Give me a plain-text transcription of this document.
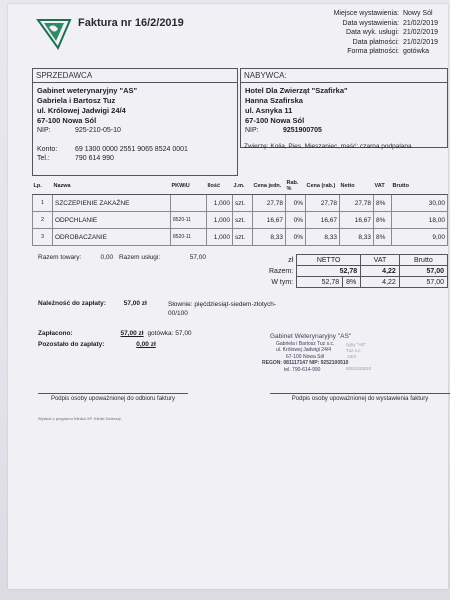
Faktura nr 16/2/2019
Miejsce wystawienia:	Nowy Sól
Data wystawienia:	21/02/2019
Data wyk. usługi:	21/02/2019
Data płatności:	21/02/2019
Forma płatności:	gotówka
SPRZEDAWCA
Gabinet weterynaryjny "AS"
Gabriela i Bartosz Tuz
ul. Królowej Jadwigi 24/4
67-100 Nowa Sól
NIP:	925-210-05-10
Konto:	69 1300 0000 2551 9065 8524 0001
Tel.:	790 614 990
NABYWCA:
Hotel Dla Zwierząt "Szafirka"
Hanna Szafirska
ul. Asnyka 11
67-100 Nowa Sól
NIP:	9251900705
Zwierzę: Kolia, Pies, Mieszaniec, maść: czarna podpalana
Lp.	Nazwa	PKWiU	Ilość	J.m.	Cena jedn.	Rab. %	Cena (rab.)	Netto	VAT	Brutto
1	SZCZEPIENIE ZAKAŹNE		1,000	szt.	27,78	0%	27,78	27,78	8%	30,00
2	ODPCHLANIE	8520-11	1,000	szt.	16,67	0%	16,67	16,67	8%	18,00
3	ODROBACZANIE	8520-11	1,000	szt.	8,33	0%	8,33	8,33	8%	9,00
Razem towary:	0,00 Razem usługi:	57,00	zł	NETTO		VAT	Brutto
Razem:	52,78		4,22	57,00
W tym:	52,78	8%	4,22	57,00
Należność do zapłaty:	57,00 zł	Słownie: pięćdziesiąt-siedem-złotych-00/100
Zapłacono:	57,00 zł gotówka: 57,00
Pozostało do zapłaty:	0,00 zł
Gabinet Weterynaryjny "AS"
Gabriela i Bartosz Tuz s.c.
ul. Królowej Jadwigi 24/4
67-100 Nowa Sól
REGON: 081117147 NIP: 9252100510
tel. 790-614-990
ryjny "AS"
Tuz s.c.
24/4

9252100510
Podpis osoby upoważnionej do odbioru faktury	Podpis osoby upoważnionej do wystawienia faktury
Wydruk z programu Klinika XP. Kliniki Zwierząt.
